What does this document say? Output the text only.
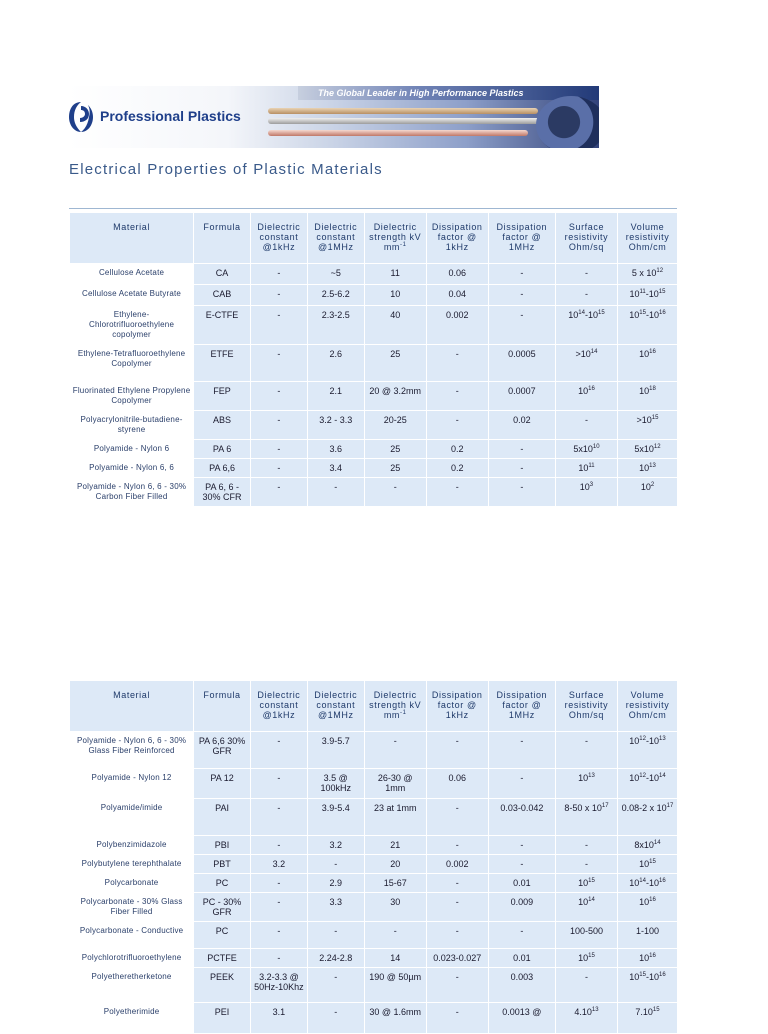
The Global Leader in High Performance Plastics
Professional Plastics
Electrical Properties of Plastic Materials
Material	Formula	Dielectric constant @1kHz	Dielectric constant @1MHz	Dielectric strength kV $mm^{-1}$	Dissipation factor @ 1kHz	Dissipation factor @ 1MHz	Surface resistivity Ohm/sq	Volume resistivity Ohm/cm
Cellulose Acetate	CA	-	~5	11	0.06	-	-	5 x $10^{12}$
Cellulose Acetate Butyrate	CAB	-	2.5-6.2	10	0.04	-	-	$10^{11}-10^{15}$
Ethylene-Chlorotrifluoroethylene copolymer	E-CTFE	-	2.3-2.5	40	0.002	-	$10^{14}-10^{15}$	$10^{15}-10^{16}$
Ethylene-Tetrafluoroethylene Copolymer	ETFE	-	2.6	25	-	0.0005	$>10^{14}$	$10^{16}$
Fluorinated Ethylene Propylene Copolymer	FEP	-	2.1	20 @ 3.2mm	-	0.0007	$10^{16}$	$10^{18}$
Polyacrylonitrile-butadiene-styrene	ABS	-	3.2 - 3.3	20-25	-	0.02	-	$>10^{15}$
Polyamide - Nylon 6	PA 6	-	3.6	25	0.2	-	$5x10^{10}$	$5x10^{12}$
Polyamide - Nylon 6, 6	PA 6,6	-	3.4	25	0.2	-	$10^{11}$	$10^{13}$
Polyamide - Nylon 6, 6 - 30% Carbon Fiber Filled	PA 6, 6 - 30% CFR	-	-	-	-	-	$10^3$	$10^2$
Material	Formula	Dielectric constant @1kHz	Dielectric constant @1MHz	Dielectric strength kV $mm^{-1}$	Dissipation factor @ 1kHz	Dissipation factor @ 1MHz	Surface resistivity Ohm/sq	Volume resistivity Ohm/cm
Polyamide - Nylon 6, 6 - 30% Glass Fiber Reinforced	PA 6,6 30% GFR	-	3.9-5.7	-	-	-	-	$10^{12}-10^{13}$
Polyamide - Nylon 12	PA 12	-	3.5 @ 100kHz	26-30 @ 1mm	0.06	-	$10^{13}$	$10^{12}-10^{14}$
Polyamide/imide	PAI	-	3.9-5.4	23 at 1mm	-	0.03-0.042	8-50 x $10^{17}$	0.08-2 x $10^{17}$
Polybenzimidazole	PBI	-	3.2	21	-	-	-	$8x10^{14}$
Polybutylene terephthalate	PBT	3.2	-	20	0.002	-	-	$10^{15}$
Polycarbonate	PC	-	2.9	15-67	-	0.01	$10^{15}$	$10^{14}-10^{16}$
Polycarbonate - 30% Glass Fiber Filled	PC - 30% GFR	-	3.3	30	-	0.009	$10^{14}$	$10^{16}$
Polycarbonate - Conductive	PC	-	-	-	-	-	100-500	1-100
Polychlorotrifluoroethylene	PCTFE	-	2.24-2.8	14	0.023-0.027	0.01	$10^{15}$	$10^{16}$
Polyetheretherketone	PEEK	3.2-3.3 @ 50Hz-10Khz	-	190 @ 50µm	-	0.003	-	$10^{15}-10^{16}$
Polyetherimide	PEI	3.1	-	30 @ 1.6mm	-	0.0013 @	4.10$^{13}$	7.10$^{15}$
